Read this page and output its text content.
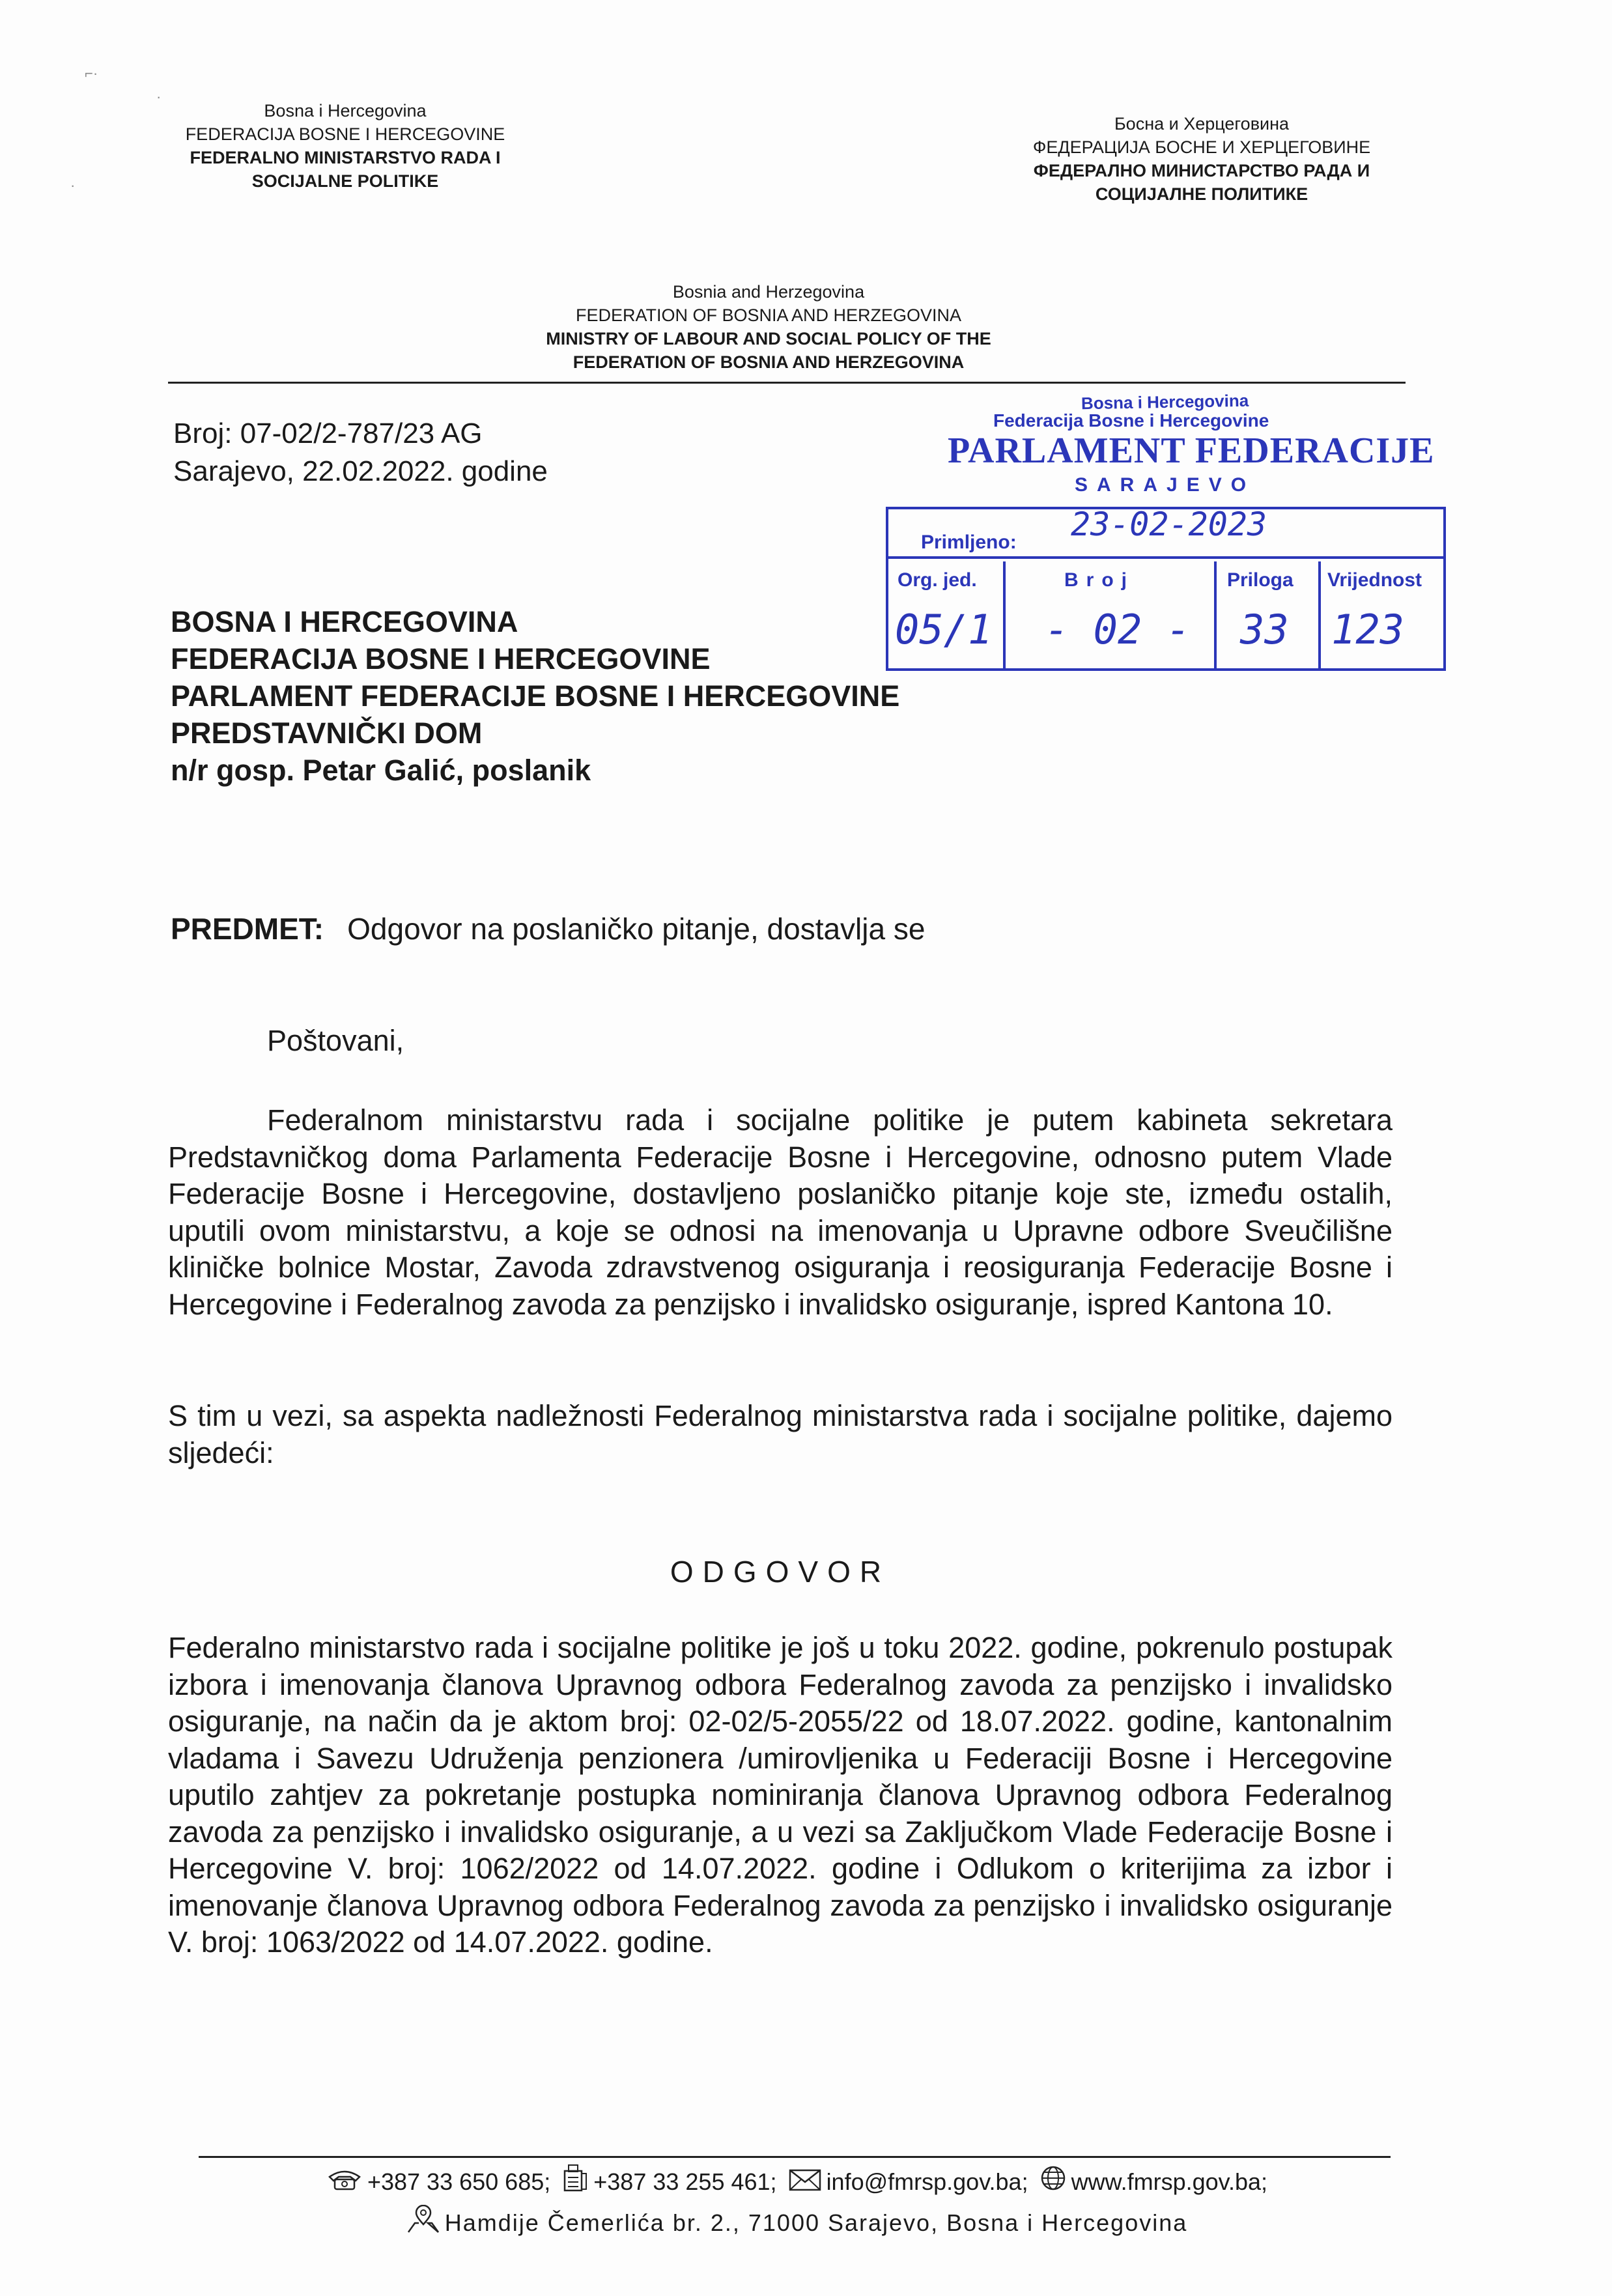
⌐·
·
·
Bosna i Hercegovina
FEDERACIJA BOSNE I HERCEGOVINE
FEDERALNO MINISTARSTVO RADA I
SOCIJALNE POLITIKE
Босна и Херцеговина
ФЕДЕРАЦИЈА БОСНЕ И ХЕРЦЕГОВИНЕ
ФЕДЕРАЛНО МИНИСТАРСТВО РАДА И
СОЦИЈАЛНЕ ПОЛИТИКЕ
Bosnia and Herzegovina
FEDERATION OF BOSNIA AND HERZEGOVINA
MINISTRY OF LABOUR AND SOCIAL POLICY OF THE
FEDERATION OF BOSNIA AND HERZEGOVINA
Broj: 07-02/2-787/23 AG
Sarajevo, 22.02.2022. godine
Bosna i Hercegovina
Federacija Bosne i Hercegovine
PARLAMENT FEDERACIJE
SARAJEVO
Primljeno: 23-02-2023
Org. jed.	Broj	Priloga Vrijednost
05/1 - 02 - 33 123
BOSNA I HERCEGOVINA
FEDERACIJA BOSNE I HERCEGOVINE
PARLAMENT FEDERACIJE BOSNE I HERCEGOVINE
PREDSTAVNIČKI DOM
n/r gosp. Petar Galić, poslanik
PREDMET: Odgovor na poslaničko pitanje, dostavlja se
Poštovani,
Federalnom ministarstvu rada i socijalne politike je putem kabineta sekretara Predstavničkog doma Parlamenta Federacije Bosne i Hercegovine, odnosno putem Vlade Federacije Bosne i Hercegovine, dostavljeno poslaničko pitanje koje ste, između ostalih, uputili ovom ministarstvu, a koje se odnosi na imenovanja u Upravne odbore Sveučilišne kliničke bolnice Mostar, Zavoda zdravstvenog osiguranja i reosiguranja Federacije Bosne i Hercegovine i Federalnog zavoda za penzijsko i invalidsko osiguranje, ispred Kantona 10.
S tim u vezi, sa aspekta nadležnosti Federalnog ministarstva rada i socijalne politike, dajemo sljedeći:
ODGOVOR
Federalno ministarstvo rada i socijalne politike je još u toku 2022. godine, pokrenulo postupak izbora i imenovanja članova Upravnog odbora Federalnog zavoda za penzijsko i invalidsko osiguranje, na način da je aktom broj: 02-02/5-2055/22 od 18.07.2022. godine, kantonalnim vladama i Savezu Udruženja penzionera /umirovljenika u Federaciji Bosne i Hercegovine uputilo zahtjev za pokretanje postupka nominiranja članova Upravnog odbora Federalnog zavoda za penzijsko i invalidsko osiguranje, a u vezi sa Zaključkom Vlade Federacije Bosne i Hercegovine V. broj: 1062/2022 od 14.07.2022. godine i Odlukom o kriterijima za izbor i imenovanje članova Upravnog odbora Federalnog zavoda za penzijsko i invalidsko osiguranje V. broj: 1063/2022 od 14.07.2022. godine.
+387 33 650 685; +387 33 255 461; info@fmrsp.gov.ba; www.fmrsp.gov.ba;
Hamdije Čemerlića br. 2., 71000 Sarajevo, Bosna i Hercegovina
